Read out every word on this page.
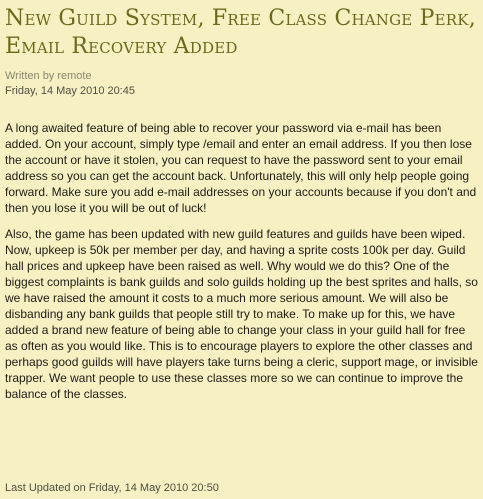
New Guild System, Free Class Change Perk, Email Recovery Added
Written by remote
Friday, 14 May 2010 20:45

A long awaited feature of being able to recover your password via e-mail has been added. On your account, simply type /email and enter an email address. If you then lose the account or have it stolen, you can request to have the password sent to your email address so you can get the account back. Unfortunately, this will only help people going forward. Make sure you add e-mail addresses on your accounts because if you don't and then you lose it you will be out of luck!

Also, the game has been updated with new guild features and guilds have been wiped. Now, upkeep is 50k per member per day, and having a sprite costs 100k per day. Guild hall prices and upkeep have been raised as well. Why would we do this? One of the biggest complaints is bank guilds and solo guilds holding up the best sprites and halls, so we have raised the amount it costs to a much more serious amount. We will also be disbanding any bank guilds that people still try to make. To make up for this, we have added a brand new feature of being able to change your class in your guild hall for free as often as you would like. This is to encourage players to explore the other classes and perhaps good guilds will have players take turns being a cleric, support mage, or invisible trapper. We want people to use these classes more so we can continue to improve the balance of the classes.

Last Updated on Friday, 14 May 2010 20:50
